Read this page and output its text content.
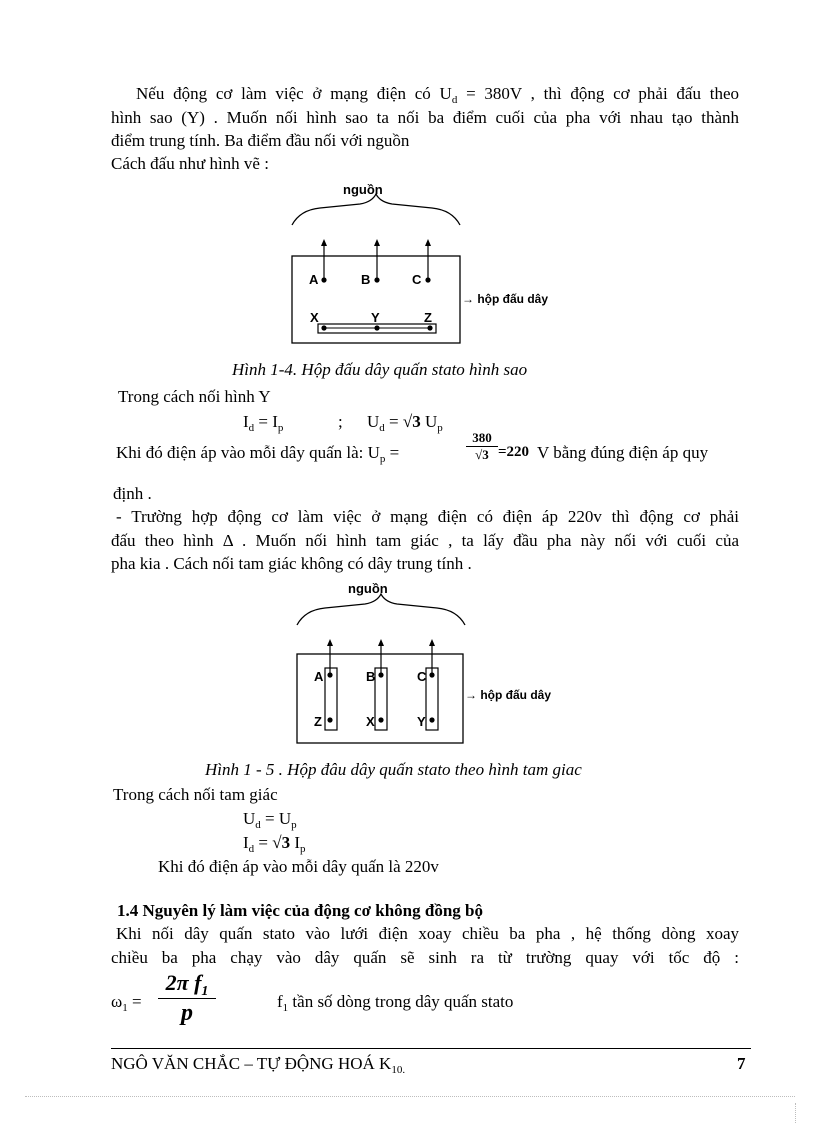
Nếu động cơ làm việc ở mạng điện có $U_d = 380V$ , thì động cơ phải đấu theo
hình sao (Y) . Muốn nối hình sao ta nối ba điểm cuối của pha với nhau tạo thành
điểm trung tính. Ba điểm đầu nối với nguồn
Cách đấu như hình vẽ :
nguồn
A	B	C
X	Y	Z
→ hộp đấu dây
Hình 1-4. Hộp đấu dây quấn stato hình sao
Trong cách nối hình Y
$I_d = I_p$	; $U_d = √3$ $U_p$
Khi đó điện áp vào mỗi dây quấn là: $U_p$ =	$\frac{380}{√3} =220$ V bằng đúng điện áp quy
định .
- Trường hợp động cơ làm việc ở mạng điện có điện áp 220v thì động cơ phải
đấu theo hình Δ . Muốn nối hình tam giác , ta lấy đầu pha này nối với cuối của
pha kia . Cách nối tam giác không có dây trung tính .
nguồn
A	B	C
Z	X	Y
→ hộp đấu dây
Hình 1 - 5 . Hộp đâu dây quấn stato theo hình tam giac
Trong cách nối tam giác
$U_d = U_p$
$I_d = √3$ $I_p$
Khi đó điện áp vào mỗi dây quấn là 220v
1.4 Nguyên lý làm việc của động cơ không đồng bộ
Khi nối dây quấn stato vào lưới điện xoay chiều ba pha , hệ thống dòng xoay
chiều ba pha chạy vào dây quấn sẽ sinh ra từ trường quay với tốc độ :
$\omega_1 = \frac{2\pi f_1}{p}$	$f_1$ tần số dòng trong dây quấn stato
NGÔ VĂN CHẮC – TỰ ĐỘNG HOÁ $K_{10.}$	7
